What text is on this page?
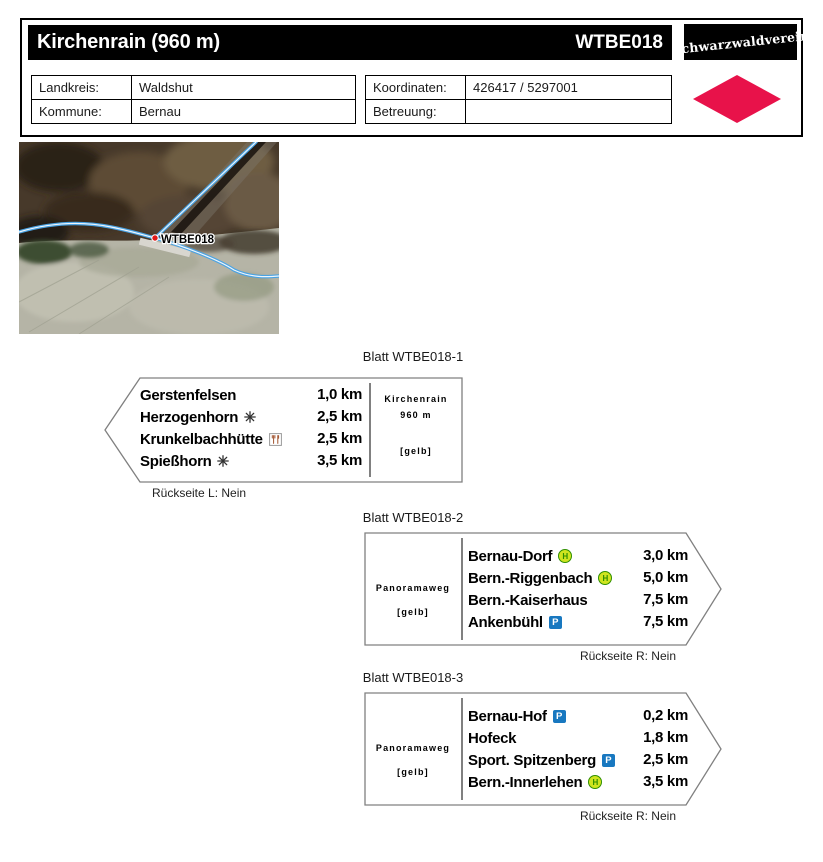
Kirchenrain (960 m)	WTBE018 Schwarzwaldverein
Landkreis:	Waldshut
Kommune:	Bernau
Koordinaten:	426417 / 5297001
Betreuung:	
WTBE018
Blatt WTBE018-1
Gerstenfelsen	1,0 km
Herzogenhorn	2,5 km
Krunkelbachhütte	2,5 km
Spießhorn	3,5 km
Kirchenrain
960 m
[gelb]
Rückseite L: Nein
Blatt WTBE018-2
Panoramaweg
[gelb]
Bernau-Dorf	H	3,0 km
Bern.-Riggenbach	H	5,0 km
Bern.-Kaiserhaus	7,5 km
Ankenbühl P	7,5 km
Rückseite R: Nein
Blatt WTBE018-3
Panoramaweg
[gelb]
Bernau-Hof P	0,2 km
Hofeck	1,8 km
Sport. Spitzenberg P	2,5 km
Bern.-Innerlehen	H	3,5 km
Rückseite R: Nein
